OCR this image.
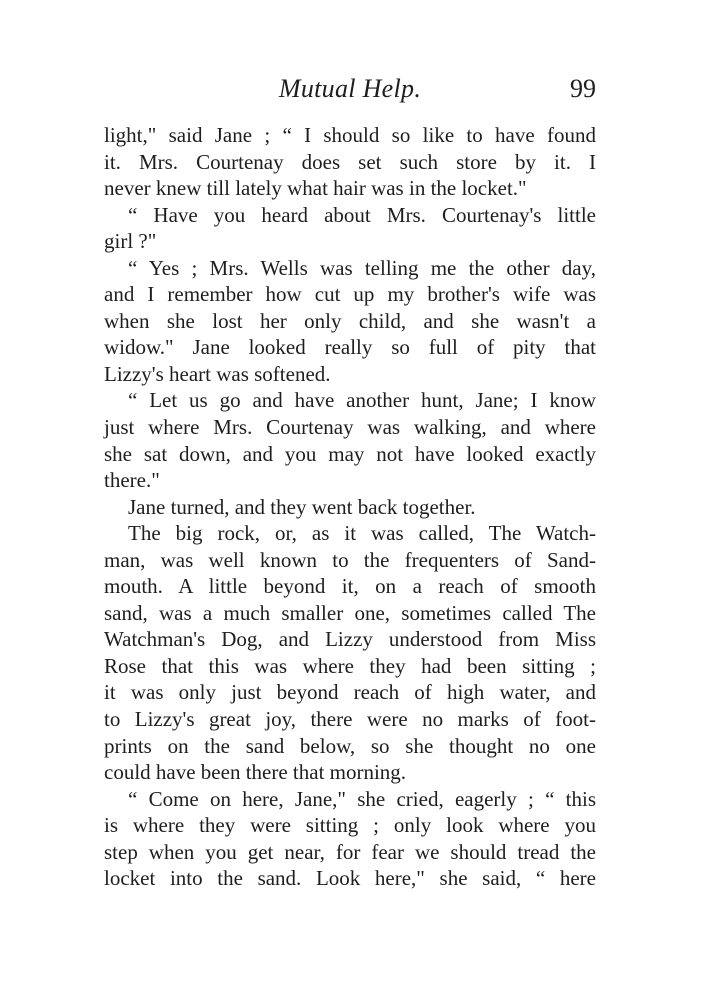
Mutual Help.	99
light," said Jane ; “ I should so like to have found
it. Mrs. Courtenay does set such store by it. I
never knew till lately what hair was in the locket."
“ Have you heard about Mrs. Courtenay's little
girl ?"
“ Yes ; Mrs. Wells was telling me the other day,
and I remember how cut up my brother's wife was
when she lost her only child, and she wasn't a
widow." Jane looked really so full of pity that
Lizzy's heart was softened.
“ Let us go and have another hunt, Jane; I know
just where Mrs. Courtenay was walking, and where
she sat down, and you may not have looked exactly
there."
Jane turned, and they went back together.
The big rock, or, as it was called, The Watch-
man, was well known to the frequenters of Sand-
mouth. A little beyond it, on a reach of smooth
sand, was a much smaller one, sometimes called The
Watchman's Dog, and Lizzy understood from Miss
Rose that this was where they had been sitting ;
it was only just beyond reach of high water, and
to Lizzy's great joy, there were no marks of foot-
prints on the sand below, so she thought no one
could have been there that morning.
“ Come on here, Jane," she cried, eagerly ; “ this
is where they were sitting ; only look where you
step when you get near, for fear we should tread the
locket into the sand. Look here," she said, “ here
